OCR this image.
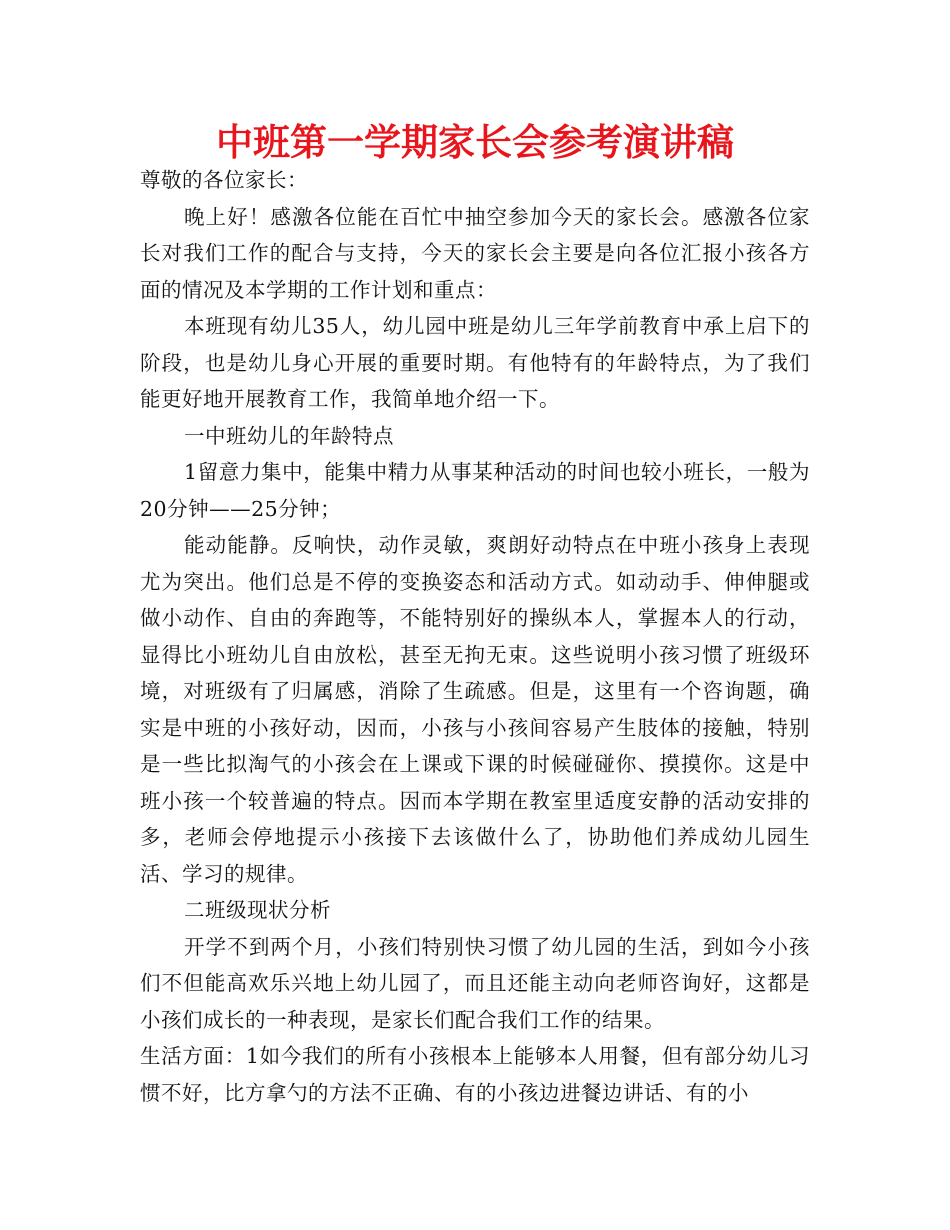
中班第一学期家长会参考演讲稿

尊敬的各位家长：

晚上好！感激各位能在百忙中抽空参加今天的家长会。感激各位家长对我们工作的配合与支持，今天的家长会主要是向各位汇报小孩各方面的情况及本学期的工作计划和重点：

本班现有幼儿35人，幼儿园中班是幼儿三年学前教育中承上启下的阶段，也是幼儿身心开展的重要时期。有他特有的年龄特点，为了我们能更好地开展教育工作，我简单地介绍一下。

一中班幼儿的年龄特点

1留意力集中，能集中精力从事某种活动的时间也较小班长，一般为20分钟——25分钟；

能动能静。反响快，动作灵敏，爽朗好动特点在中班小孩身上表现尤为突出。他们总是不停的变换姿态和活动方式。如动动手、伸伸腿或做小动作、自由的奔跑等，不能特别好的操纵本人，掌握本人的行动，显得比小班幼儿自由放松，甚至无拘无束。这些说明小孩习惯了班级环境，对班级有了归属感，消除了生疏感。但是，这里有一个咨询题，确实是中班的小孩好动，因而，小孩与小孩间容易产生肢体的接触，特别是一些比拟淘气的小孩会在上课或下课的时候碰碰你、摸摸你。这是中班小孩一个较普遍的特点。因而本学期在教室里适度安静的活动安排的多，老师会停地提示小孩接下去该做什么了，协助他们养成幼儿园生活、学习的规律。

二班级现状分析

开学不到两个月，小孩们特别快习惯了幼儿园的生活，到如今小孩们不但能高欢乐兴地上幼儿园了，而且还能主动向老师咨询好，这都是小孩们成长的一种表现，是家长们配合我们工作的结果。

生活方面：1如今我们的所有小孩根本上能够本人用餐，但有部分幼儿习惯不好，比方拿勺的方法不正确、有的小孩边进餐边讲话、有的小
